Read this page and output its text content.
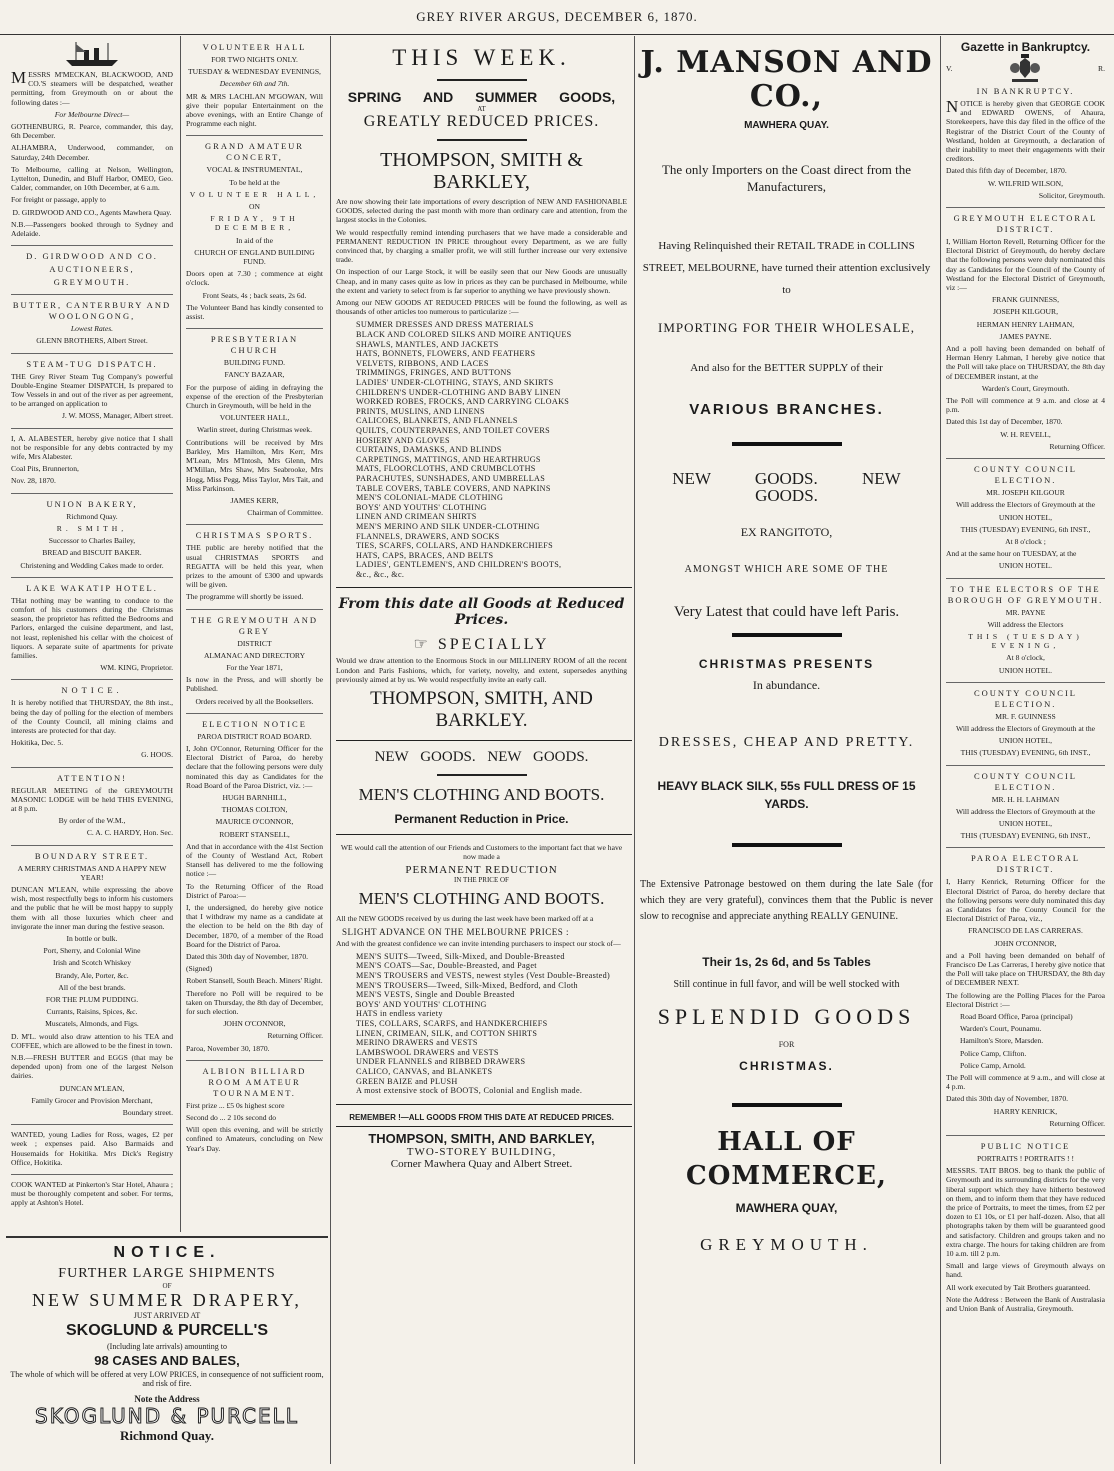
GREY RIVER ARGUS, DECEMBER 6, 1870.

MESSRS M'MECKAN, BLACKWOOD, AND CO.'S steamers will be despatched, weather permitting, from Greymouth on or about the following dates :—

For Melbourne Direct—

GOTHENBURG, R. Pearce, commander, this day, 6th December.

ALHAMBRA, Underwood, commander, on Saturday, 24th December.

To Melbourne, calling at Nelson, Wellington, Lyttelton, Dunedin, and Bluff Harbor, OMEO, Geo. Calder, commander, on 10th December, at 6 a.m.

For freight or passage, apply to

D. GIRDWOOD AND CO., Agents Mawhera Quay.

N.B.—Passengers booked through to Sydney and Adelaide.

D. GIRDWOOD AND CO.
AUCTIONEERS,
GREYMOUTH.
BUTTER, CANTERBURY AND WOOLONGONG,

Lowest Rates.

GLENN BROTHERS, Albert Street.

STEAM-TUG DISPATCH.

THE Grey River Steam Tug Company's powerful Double-Engine Steamer DISPATCH, Is prepared to Tow Vessels in and out of the river as per agreement, to be arranged on application to

J. W. MOSS, Manager, Albert street.

I, A. ALABESTER, hereby give notice that I shall not be responsible for any debts contracted by my wife, Mrs Alabester.

Coal Pits, Brunnerton,

Nov. 28, 1870.

UNION BAKERY,

Richmond Quay.

R. SMITH,

Successor to Charles Bailey,

BREAD and BISCUIT BAKER.

Christening and Wedding Cakes made to order.

LAKE WAKATIP HOTEL.

THat nothing may be wanting to conduce to the comfort of his customers during the Christmas season, the proprietor has refitted the Bedrooms and Parlors, enlarged the cuisine department, and last, not least, replenished his cellar with the choicest of liquors. A separate suite of apartments for private families.

WM. KING, Proprietor.

NOTICE.

It is hereby notified that THURSDAY, the 8th inst., being the day of polling for the election of members of the County Council, all mining claims and interests are protected for that day.

Hokitika, Dec. 5.

G. HOOS.

ATTENTION!

REGULAR MEETING of the GREYMOUTH MASONIC LODGE will be held THIS EVENING, at 8 p.m.

By order of the W.M.,

C. A. C. HARDY, Hon. Sec.

BOUNDARY STREET.

A MERRY CHRISTMAS AND A HAPPY NEW YEAR!

DUNCAN M'LEAN, while expressing the above wish, most respectfully begs to inform his customers and the public that he will be most happy to supply them with all those luxuries which cheer and invigorate the inner man during the festive season.

In bottle or bulk.

Port, Sherry, and Colonial Wine

Irish and Scotch Whiskey

Brandy, Ale, Porter, &c.

All of the best brands.

FOR THE PLUM PUDDING.

Currants, Raisins, Spices, &c.

Muscatels, Almonds, and Figs.

D. M'L. would also draw attention to his TEA and COFFEE, which are allowed to be the finest in town.

N.B.—FRESH BUTTER and EGGS (that may be depended upon) from one of the largest Nelson dairies.

DUNCAN M'LEAN,

Family Grocer and Provision Merchant,

Boundary street.

WANTED, young Ladies for Ross, wages, £2 per week ; expenses paid. Also Barmaids and Housemaids for Hokitika. Mrs Dick's Registry Office, Hokitika.

COOK WANTED at Pinkerton's Star Hotel, Ahaura ; must be thoroughly competent and sober. For terms, apply at Ashton's Hotel.

VOLUNTEER HALL

FOR TWO NIGHTS ONLY.

TUESDAY & WEDNESDAY EVENINGS,

December 6th and 7th.

MR & MRS LACHLAN M'GOWAN, Will give their popular Entertainment on the above evenings, with an Entire Change of Programme each night.

GRAND AMATEUR CONCERT,

VOCAL & INSTRUMENTAL,

To be held at the

VOLUNTEER HALL,

ON

FRIDAY, 9TH DECEMBER,

In aid of the

CHURCH OF ENGLAND BUILDING FUND.

Doors open at 7.30 ; commence at eight o'clock.

Front Seats, 4s ; back seats, 2s 6d.

The Volunteer Band has kindly consented to assist.

PRESBYTERIAN CHURCH

BUILDING FUND.

FANCY BAZAAR,

For the purpose of aiding in defraying the expense of the erection of the Presbyterian Church in Greymouth, will be held in the

VOLUNTEER HALL,

Warlin street, during Christmas week.

Contributions will be received by Mrs Barkley, Mrs Hamilton, Mrs Kerr, Mrs M'Lean, Mrs M'Intosh, Mrs Glenn, Mrs M'Millan, Mrs Shaw, Mrs Seabrooke, Mrs Hogg, Miss Pegg, Miss Taylor, Mrs Tait, and Miss Parkinson.

JAMES KERR,

Chairman of Committee.

CHRISTMAS SPORTS.

THE public are hereby notified that the usual CHRISTMAS SPORTS and REGATTA will be held this year, when prizes to the amount of £300 and upwards will be given.

The programme will shortly be issued.

THE GREYMOUTH AND GREY

DISTRICT

ALMANAC AND DIRECTORY

For the Year 1871,

Is now in the Press, and will shortly be Published.

Orders received by all the Booksellers.

ELECTION NOTICE

PAROA DISTRICT ROAD BOARD.

I, John O'Connor, Returning Officer for the Electoral District of Paroa, do hereby declare that the following persons were duly nominated this day as Candidates for the Road Board of the Paroa District, viz. :—

HUGH BARNHILL,

THOMAS COLTON,

MAURICE O'CONNOR,

ROBERT STANSELL,

And that in accordance with the 41st Section of the County of Westland Act, Robert Stansell has delivered to me the following notice :—

To the Returning Officer of the Road District of Paroa:—

I, the undersigned, do hereby give notice that I withdraw my name as a candidate at the election to be held on the 8th day of December, 1870, of a member of the Road Board for the District of Paroa.

Dated this 30th day of November, 1870.

(Signed)

Robert Stansell, South Beach. Miners' Right.

Therefore no Poll will be required to be taken on Thursday, the 8th day of December, for such election.

JOHN O'CONNOR,

Returning Officer.

Paroa, November 30, 1870.

ALBION BILLIARD ROOM AMATEUR TOURNAMENT.

First prize ... £5 0s highest score

Second do ... 2 10s second do

Will open this evening, and will be strictly confined to Amateurs, concluding on New Year's Day.

NOTICE.
FURTHER LARGE SHIPMENTS
OF
NEW SUMMER DRAPERY,
JUST ARRIVED AT
SKOGLUND & PURCELL'S
(Including late arrivals) amounting to
98 CASES AND BALES,

The whole of which will be offered at very LOW PRICES, in consequence of not sufficient room, and risk of fire.

Note the Address
SKOGLUND & PURCELL
Richmond Quay.
THIS WEEK.
SPRING AND SUMMER GOODS,
AT
GREATLY REDUCED PRICES.
THOMPSON, SMITH & BARKLEY,

Are now showing their late importations of every description of NEW AND FASHIONABLE GOODS, selected during the past month with more than ordinary care and attention, from the largest stocks in the Colonies.

We would respectfully remind intending purchasers that we have made a considerable and PERMANENT REDUCTION IN PRICE throughout every Department, as we are fully convinced that, by charging a smaller profit, we will still further increase our very extensive trade.

On inspection of our Large Stock, it will be easily seen that our New Goods are unusually Cheap, and in many cases quite as low in prices as they can be purchased in Melbourne, while the extent and variety to select from is far superior to anything we have previously shown.

Among our NEW GOODS AT REDUCED PRICES will be found the following, as well as thousands of other articles too numerous to particularize :—

SUMMER DRESSES AND DRESS MATERIALS
BLACK AND COLORED SILKS AND MOIRE ANTIQUES
SHAWLS, MANTLES, AND JACKETS
HATS, BONNETS, FLOWERS, AND FEATHERS
VELVETS, RIBBONS, AND LACES
TRIMMINGS, FRINGES, AND BUTTONS
LADIES' UNDER-CLOTHING, STAYS, AND SKIRTS
CHILDREN'S UNDER-CLOTHING AND BABY LINEN
WORKED ROBES, FROCKS, AND CARRYING CLOAKS
PRINTS, MUSLINS, AND LINENS
CALICOES, BLANKETS, AND FLANNELS
QUILTS, COUNTERPANES, AND TOILET COVERS
HOSIERY AND GLOVES
CURTAINS, DAMASKS, AND BLINDS
CARPETINGS, MATTINGS, AND HEARTHRUGS
MATS, FLOORCLOTHS, AND CRUMBCLOTHS
PARACHUTES, SUNSHADES, AND UMBRELLAS
TABLE COVERS, TABLE COVERS, AND NAPKINS
MEN'S COLONIAL-MADE CLOTHING
BOYS' AND YOUTHS' CLOTHING
LINEN AND CRIMEAN SHIRTS
MEN'S MERINO AND SILK UNDER-CLOTHING
FLANNELS, DRAWERS, AND SOCKS
TIES, SCARFS, COLLARS, AND HANDKERCHIEFS
HATS, CAPS, BRACES, AND BELTS
LADIES', GENTLEMEN'S, AND CHILDREN'S BOOTS,
&c., &c., &c.
From this date all Goods at Reduced Prices.
☞ SPECIALLY

Would we draw attention to the Enormous Stock in our MILLINERY ROOM of all the recent London and Paris Fashions, which, for variety, novelty, and extent, supersedes anything previously aimed at by us. We would respectfully invite an early call.

THOMPSON, SMITH, AND BARKLEY.
NEW GOODS. NEW GOODS.
MEN'S CLOTHING AND BOOTS.
Permanent Reduction in Price.

WE would call the attention of our Friends and Customers to the important fact that we have now made a

PERMANENT REDUCTION
IN THE PRICE OF
MEN'S CLOTHING AND BOOTS.

All the NEW GOODS received by us during the last week have been marked off at a

SLIGHT ADVANCE ON THE MELBOURNE PRICES :

And with the greatest confidence we can invite intending purchasers to inspect our stock of—

MEN'S SUITS—Tweed, Silk-Mixed, and Double-Breasted
MEN'S COATS—Sac, Double-Breasted, and Paget
MEN'S TROUSERS and VESTS, newest styles (Vest Double-Breasted)
MEN'S TROUSERS—Tweed, Silk-Mixed, Bedford, and Cloth
MEN'S VESTS, Single and Double Breasted
BOYS' AND YOUTHS' CLOTHING
HATS in endless variety
TIES, COLLARS, SCARFS, and HANDKERCHIEFS
LINEN, CRIMEAN, SILK, and COTTON SHIRTS
MERINO DRAWERS and VESTS
LAMBSWOOL DRAWERS and VESTS
UNDER FLANNELS and RIBBED DRAWERS
CALICO, CANVAS, and BLANKETS
GREEN BAIZE and PLUSH
A most extensive stock of BOOTS, Colonial and English made.
REMEMBER !—ALL GOODS FROM THIS DATE AT REDUCED PRICES.
THOMPSON, SMITH, AND BARKLEY,
TWO-STOREY BUILDING,
Corner Mawhera Quay and Albert Street.
J. MANSON AND CO.,
MAWHERA QUAY.
The only Importers on the Coast direct from the Manufacturers,
Having Relinquished their RETAIL TRADE in COLLINS STREET, MELBOURNE, have turned their attention exclusively to
IMPORTING FOR THEIR WHOLESALE,
And also for the BETTER SUPPLY of their
VARIOUS BRANCHES.
NEW GOODS. NEW GOODS.
EX RANGITOTO,
AMONGST WHICH ARE SOME OF THE
Very Latest that could have left Paris.
CHRISTMAS PRESENTS
In abundance.
DRESSES, CHEAP AND PRETTY.
HEAVY BLACK SILK, 55s FULL DRESS OF 15 YARDS.

The Extensive Patronage bestowed on them during the late Sale (for which they are very grateful), convinces them that the Public is never slow to recognise and appreciate anything REALLY GENUINE.

Their 1s, 2s 6d, and 5s Tables
Still continue in full favor, and will be well stocked with
SPLENDID GOODS
FOR
CHRISTMAS.
HALL OF COMMERCE,
MAWHERA QUAY,
GREYMOUTH.
Gazette in Bankruptcy.
V.	R.
IN BANKRUPTCY.

NOTICE is hereby given that GEORGE COOK and EDWARD OWENS, of Ahaura, Storekeepers, have this day filed in the office of the Registrar of the District Court of the County of Westland, holden at Greymouth, a declaration of their inability to meet their engagements with their creditors.

Dated this fifth day of December, 1870.

W. WILFRID WILSON,

Solicitor, Greymouth.

GREYMOUTH ELECTORAL DISTRICT.

I, William Horton Revell, Returning Officer for the Electoral District of Greymouth, do hereby declare that the following persons were duly nominated this day as Candidates for the Council of the County of Westland for the Electoral District of Greymouth, viz :—

FRANK GUINNESS,

JOSEPH KILGOUR,

HERMAN HENRY LAHMAN,

JAMES PAYNE.

And a poll having been demanded on behalf of Herman Henry Lahman, I hereby give notice that the Poll will take place on THURSDAY, the 8th day of DECEMBER instant, at the

Warden's Court, Greymouth.

The Poll will commence at 9 a.m. and close at 4 p.m.

Dated this 1st day of December, 1870.

W. H. REVELL,

Returning Officer.

COUNTY COUNCIL ELECTION.

MR. JOSEPH KILGOUR

Will address the Electors of Greymouth at the

UNION HOTEL,

THIS (TUESDAY) EVENING, 6th INST.,

At 8 o'clock ;

And at the same hour on TUESDAY, at the

UNION HOTEL.

TO THE ELECTORS OF THE BOROUGH OF GREYMOUTH.

MR. PAYNE

Will address the Electors

THIS (TUESDAY) EVENING,

At 8 o'clock,

UNION HOTEL.

COUNTY COUNCIL ELECTION.

MR. F. GUINNESS

Will address the Electors of Greymouth at the

UNION HOTEL,

THIS (TUESDAY) EVENING, 6th INST.,

COUNTY COUNCIL ELECTION.

MR. H. H. LAHMAN

Will address the Electors of Greymouth at the

UNION HOTEL,

THIS (TUESDAY) EVENING, 6th INST.,

PAROA ELECTORAL DISTRICT.

I, Harry Kenrick, Returning Officer for the Electoral District of Paroa, do hereby declare that the following persons were duly nominated this day as Candidates for the County Council for the Electoral District of Paroa, viz.,

FRANCISCO DE LAS CARRERAS.

JOHN O'CONNOR,

and a Poll having been demanded on behalf of Francisco De Las Carreras, I hereby give notice that the Poll will take place on THURSDAY, the 8th day of DECEMBER NEXT.

The following are the Polling Places for the Paroa Electoral District :—

Road Board Office, Paroa (principal)

Warden's Court, Pounamu.

Hamilton's Store, Marsden.

Police Camp, Clifton.

Police Camp, Arnold.

The Poll will commence at 9 a.m., and will close at 4 p.m.

Dated this 30th day of November, 1870.

HARRY KENRICK,

Returning Officer.

PUBLIC NOTICE

PORTRAITS ! PORTRAITS ! !

MESSRS. TAIT BROS. beg to thank the public of Greymouth and its surrounding districts for the very liberal support which they have hitherto bestowed on them, and to inform them that they have reduced the price of Portraits, to meet the times, from £2 per dozen to £1 10s, or £1 per half-dozen. Also, that all photographs taken by them will be guaranteed good and satisfactory. Children and groups taken and no extra charge. The hours for taking children are from 10 a.m. till 2 p.m.

Small and large views of Greymouth always on hand.

All work executed by Tait Brothers guaranteed.

Note the Address : Between the Bank of Australasia and Union Bank of Australia, Greymouth.
